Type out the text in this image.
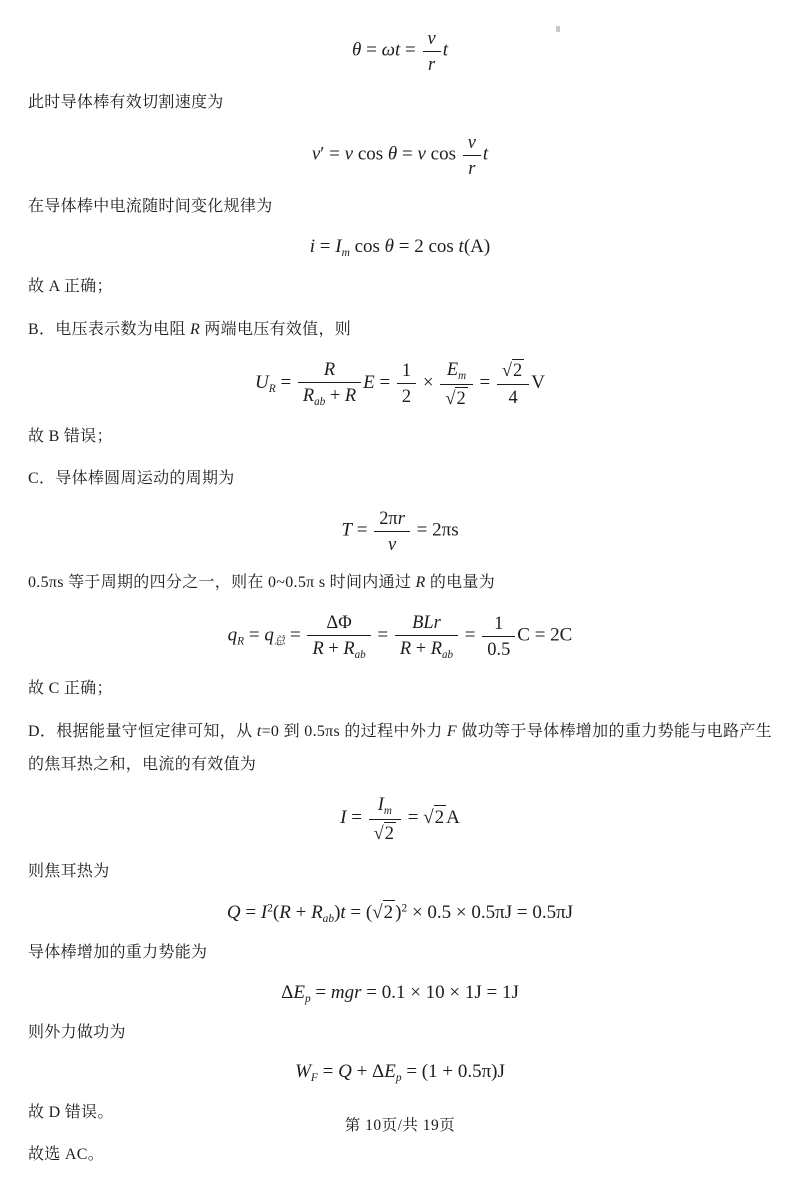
$\theta = \omega t = \frac{v}{r}$ t
此时导体棒有效切割速度为
v′ = v cos θ = v $\cos \frac{v}{r}$ t
在导体棒中电流随时间变化规律为
$i = I_m$ cos θ = 2 cos t(A)
故 A 正确；
B．电压表示数为电阻 R 两端电压有效值，则
$U_R = \frac{R}{R_{ab} + R}$ $E = \frac{1}{2} \times \frac{E_m}{√2} = \frac{√2}{4}$ V
故 B 错误；
C．导体棒圆周运动的周期为
$T = \frac{2\pi r}{v} = 2\pi s$
0.5πs 等于周期的四分之一，则在 0~0.5π s 时间内通过 R 的电量为
$q_R = q_总 = \frac{\Delta\Phi}{R + R_{ab}} = \frac{\text{BLr}}{R + R_{ab}} = \frac{1}{0.5}$ C = 2C
故 C 正确；
D．根据能量守恒定律可知，从 t=0 到 0.5πs 的过程中外力 F 做功等于导体棒增加的重力势能与电路产生的焦耳热之和，电流的有效值为
$I = \frac{I_m}{√2} = √2$ A
则焦耳热为
$Q = I^2(R + R_{ab})t = (√2$ )$^2$ × 0.5 × 0.5πJ = 0.5πJ
导体棒增加的重力势能为
$\Delta E_p$ = mgr = 0.1 × 10 × 1J = 1J
则外力做功为
$W_F = Q + \Delta E_p = (1 + 0.5\pi)J$
故 D 错误。
故选 AC。
第 10页/共 19页
